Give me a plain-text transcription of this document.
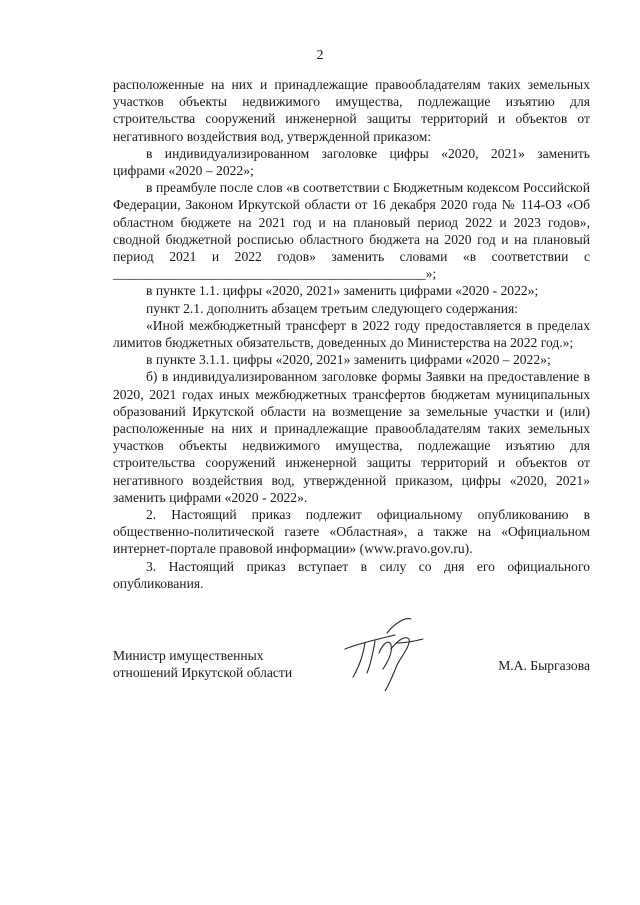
2

расположенные на них и принадлежащие правообладателям таких земельных участков объекты недвижимого имущества, подлежащие изъятию для строительства сооружений инженерной защиты территорий и объектов от негативного воздействия вод, утвержденной приказом:

в индивидуализированном заголовке цифры «2020, 2021» заменить цифрами «2020 – 2022»;

в преамбуле после слов «в соответствии с Бюджетным кодексом Российской Федерации, Законом Иркутской области от 16 декабря 2020 года № 114-ОЗ «Об областном бюджете на 2021 год и на плановый период 2022 и 2023 годов», сводной бюджетной росписью областного бюджета на 2020 год и на плановый период 2021 и 2022 годов» заменить словами «в соответствии с ______________________________________________»;

в пункте 1.1. цифры «2020, 2021» заменить цифрами «2020 - 2022»;

пункт 2.1. дополнить абзацем третьим следующего содержания:

«Иной межбюджетный трансферт в 2022 году предоставляется в пределах лимитов бюджетных обязательств, доведенных до Министерства на 2022 год.»;

в пункте 3.1.1. цифры «2020, 2021» заменить цифрами «2020 – 2022»;

б) в индивидуализированном заголовке формы Заявки на предоставление в 2020, 2021 годах иных межбюджетных трансфертов бюджетам муниципальных образований Иркутской области на возмещение за земельные участки и (или) расположенные на них и принадлежащие правообладателям таких земельных участков объекты недвижимого имущества, подлежащие изъятию для строительства сооружений инженерной защиты территорий и объектов от негативного воздействия вод, утвержденной приказом, цифры «2020, 2021» заменить цифрами «2020 - 2022».

2. Настоящий приказ подлежит официальному опубликованию в общественно-политической газете «Областная», а также на «Официальном интернет-портале правовой информации» (www.pravo.gov.ru).

3. Настоящий приказ вступает в силу со дня его официального опубликования.

Министр имущественных
отношений Иркутской области	М.А. Быргазова
